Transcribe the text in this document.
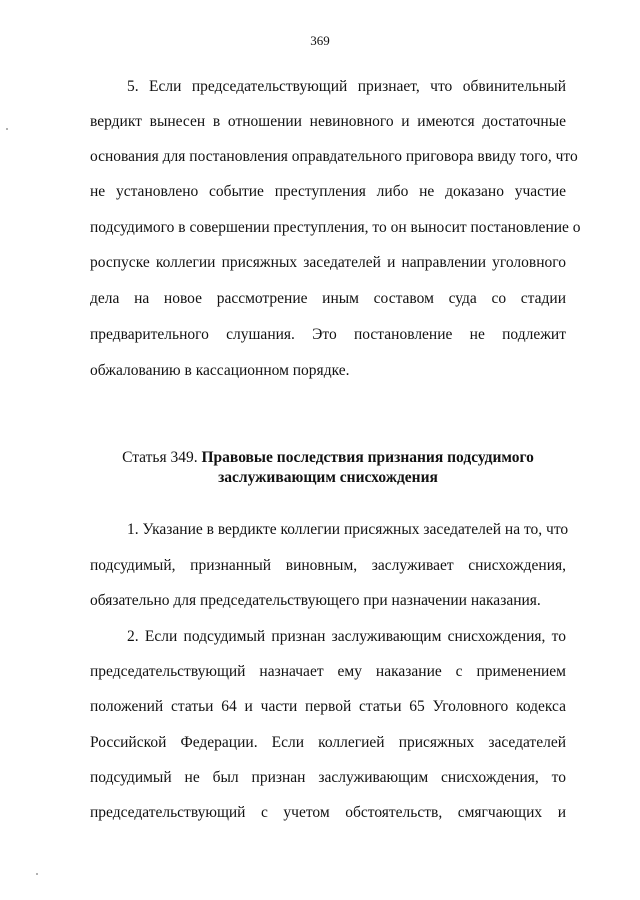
369
5. Если председательствующий признает, что обвинительный
вердикт вынесен в отношении невиновного и имеются достаточные
основания для постановления оправдательного приговора ввиду того, что
не установлено событие преступления либо не доказано участие
подсудимого в совершении преступления, то он выносит постановление о
роспуске коллегии присяжных заседателей и направлении уголовного
дела на новое рассмотрение иным составом суда со стадии
предварительного слушания. Это постановление не подлежит
обжалованию в кассационном порядке.
Статья 349. Правовые последствия признания подсудимого
заслуживающим снисхождения
1. Указание в вердикте коллегии присяжных заседателей на то, что
подсудимый, признанный виновным, заслуживает снисхождения,
обязательно для председательствующего при назначении наказания.
2. Если подсудимый признан заслуживающим снисхождения, то
председательствующий назначает ему наказание с применением
положений статьи 64 и части первой статьи 65 Уголовного кодекса
Российской Федерации. Если коллегией присяжных заседателей
подсудимый не был признан заслуживающим снисхождения, то
председательствующий с учетом обстоятельств, смягчающих и
